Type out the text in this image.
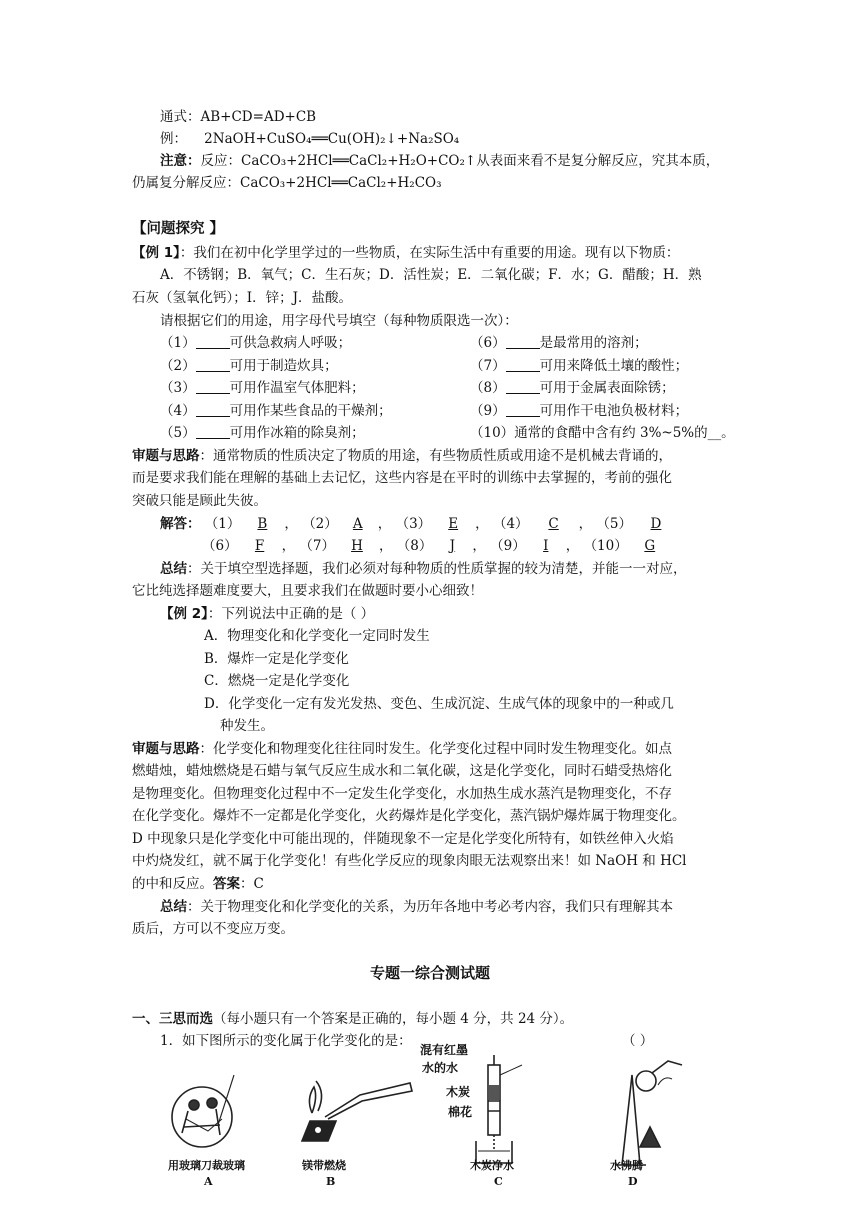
通式：AB+CD=AD+CB
例： 2NaOH+CuSO₄══Cu(OH)₂↓+Na₂SO₄
注意：反应：CaCO₃+2HCl══CaCl₂+H₂O+CO₂↑从表面来看不是复分解反应，究其本质，
仍属复分解反应：CaCO₃+2HCl══CaCl₂+H₂CO₃
【问题探究 】
【例 1】：我们在初中化学里学过的一些物质，在实际生活中有重要的用途。现有以下物质：
A．不锈钢；B．氧气；C．生石灰；D．活性炭；E．二氧化碳；F．水；G．醋酸；H．熟
石灰（氢氧化钙）；I．锌；J．盐酸。
请根据它们的用途，用字母代号填空（每种物质限选一次）：
（1）	可供急救病人呼吸；
（2）	可用于制造炊具；
（3）	可用作温室气体肥料；
（4）	可用作某些食品的干燥剂；
（5）	可用作冰箱的除臭剂；
（6）	是最常用的溶剂；
（7）	可用来降低土壤的酸性；
（8）	可用于金属表面除锈；
（9）	可用作干电池负极材料；
（10）通常的食醋中含有约 3%~5%的__。
审题与思路：通常物质的性质决定了物质的用途，有些物质性质或用途不是机械去背诵的，
而是要求我们能在理解的基础上去记忆，这些内容是在平时的训练中去掌握的，考前的强化
突破只能是顾此失彼。
解答： （1） B ， （2） A ， （3） E ， （4） C ， （5） D
（6） F ， （7） H ， （8） J ， （9） I ， （10） G
总结：关于填空型选择题，我们必须对每种物质的性质掌握的较为清楚，并能一一对应，
它比纯选择题难度要大，且要求我们在做题时要小心细致！
【例 2】：下列说法中正确的是（ ）
A．物理变化和化学变化一定同时发生
B．爆炸一定是化学变化
C．燃烧一定是化学变化
D．化学变化一定有发光发热、变色、生成沉淀、生成气体的现象中的一种或几
种发生。
审题与思路：化学变化和物理变化往往同时发生。化学变化过程中同时发生物理变化。如点
燃蜡烛，蜡烛燃烧是石蜡与氧气反应生成水和二氧化碳，这是化学变化，同时石蜡受热熔化
是物理变化。但物理变化过程中不一定发生化学变化，水加热生成水蒸汽是物理变化，不存
在化学变化。爆炸不一定都是化学变化，火药爆炸是化学变化，蒸汽锅炉爆炸属于物理变化。
D 中现象只是化学变化中可能出现的，伴随现象不一定是化学变化所特有，如铁丝伸入火焰
中灼烧发红，就不属于化学变化！有些化学反应的现象肉眼无法观察出来！如 NaOH 和 HCl
的中和反应。答案：C
总结：关于物理变化和化学变化的关系，为历年各地中考必考内容，我们只有理解其本
质后，方可以不变应万变。
专题一综合测试题
一、三思而选（每小题只有一个答案是正确的，每小题 4 分，共 24 分）。
1．如下图所示的变化属于化学变化的是：	（ ）
混有红墨
水的水
木炭
棉花
用玻璃刀裁玻璃
A
镁带燃烧
B
木炭净水
C
水沸腾
D
